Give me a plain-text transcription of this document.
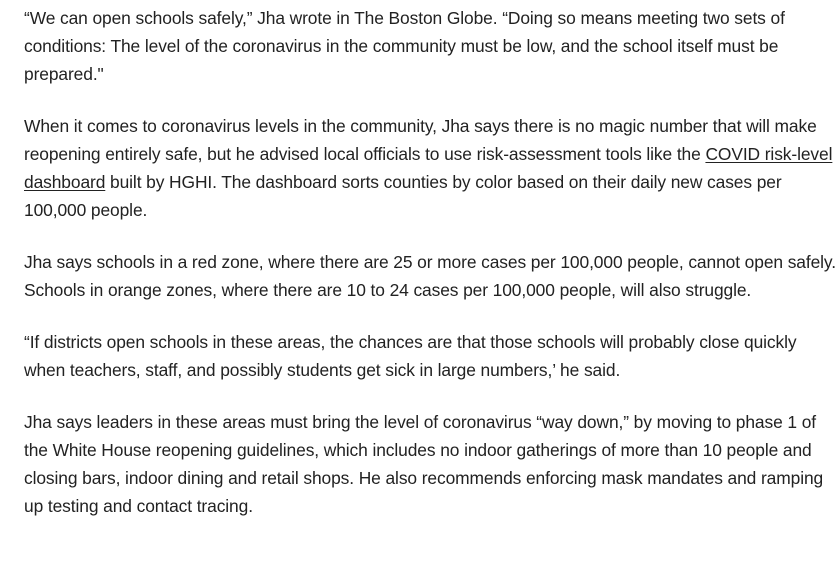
“We can open schools safely,” Jha wrote in The Boston Globe. “Doing so means meeting two sets of conditions: The level of the coronavirus in the community must be low, and the school itself must be prepared."

When it comes to coronavirus levels in the community, Jha says there is no magic number that will make reopening entirely safe, but he advised local officials to use risk-assessment tools like the COVID risk-level dashboard built by HGHI. The dashboard sorts counties by color based on their daily new cases per 100,000 people.

Jha says schools in a red zone, where there are 25 or more cases per 100,000 people, cannot open safely. Schools in orange zones, where there are 10 to 24 cases per 100,000 people, will also struggle.

“If districts open schools in these areas, the chances are that those schools will probably close quickly when teachers, staff, and possibly students get sick in large numbers,’ he said.

Jha says leaders in these areas must bring the level of coronavirus “way down,” by moving to phase 1 of the White House reopening guidelines, which includes no indoor gatherings of more than 10 people and closing bars, indoor dining and retail shops. He also recommends enforcing mask mandates and ramping up testing and contact tracing.
